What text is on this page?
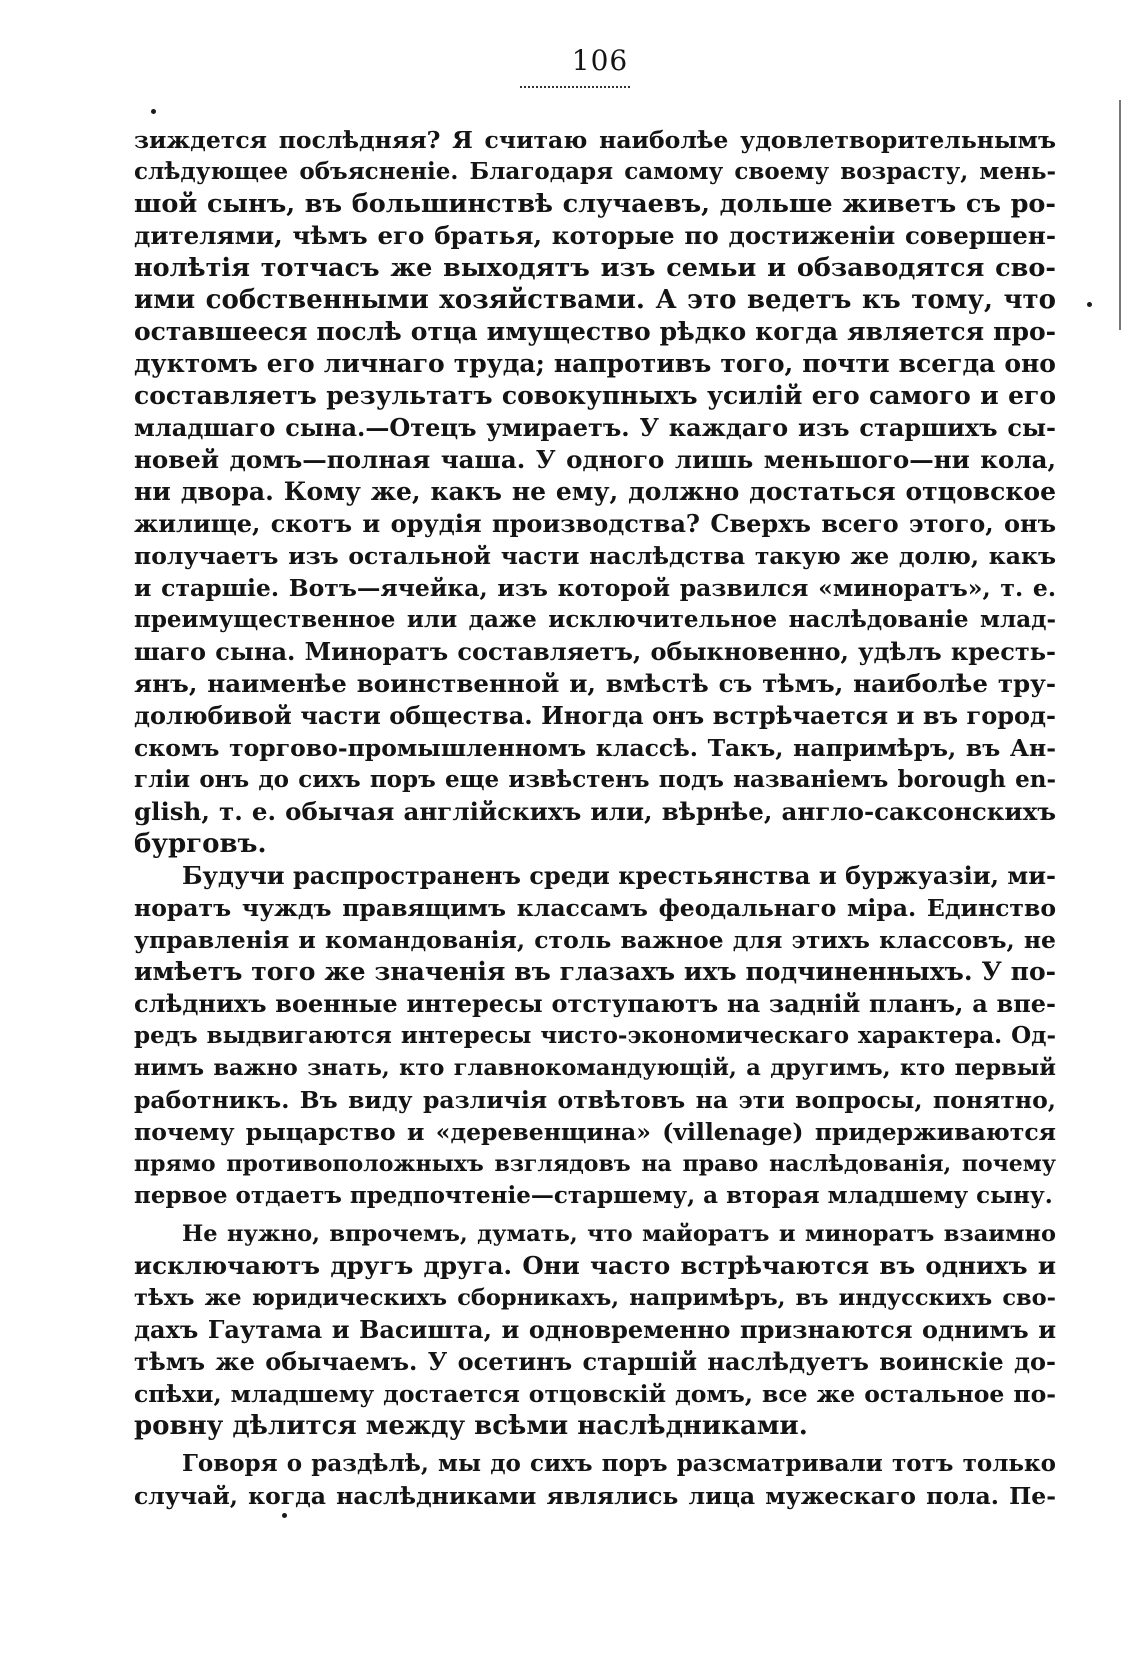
106
зиждется послѣдняя? Я считаю наиболѣе удовлетворительнымъ
слѣдующее объясненіе. Благодаря самому своему возрасту, мень-
шой сынъ, въ большинствѣ случаевъ, дольше живетъ съ ро-
дителями, чѣмъ его братья, которые по достиженіи совершен-
нолѣтія тотчасъ же выходятъ изъ семьи и обзаводятся сво-
ими собственными хозяйствами. А это ведетъ къ тому, что
оставшееся послѣ отца имущество рѣдко когда является про-
дуктомъ его личнаго труда; напротивъ того, почти всегда оно
составляетъ результатъ совокупныхъ усилій его самого и его
младшаго сына.—Отецъ умираетъ. У каждаго изъ старшихъ сы-
новей домъ—полная чаша. У одного лишь меньшого—ни кола,
ни двора. Кому же, какъ не ему, должно достаться отцовское
жилище, скотъ и орудія производства? Сверхъ всего этого, онъ
получаетъ изъ остальной части наслѣдства такую же долю, какъ
и старшіе. Вотъ—ячейка, изъ которой развился «минoратъ», т. е.
преимущественное или даже исключительное наслѣдованіе млад-
шаго сына. Миноратъ составляетъ, обыкновенно, удѣлъ кресть-
янъ, наименѣе воинственной и, вмѣстѣ съ тѣмъ, наиболѣе тру-
долюбивой части общества. Иногда онъ встрѣчается и въ город-
скомъ торгово-промышленномъ классѣ. Такъ, напримѣръ, въ Ан-
гліи онъ до сихъ поръ еще извѣстенъ подъ названіемъ borough en-
glish, т. е. обычая англійскихъ или, вѣрнѣе, англо-саксонскихъ
бурговъ.
Будучи распространенъ среди крестьянства и буржуазіи, ми-
норатъ чуждъ правящимъ классамъ феодальнаго міра. Единство
управленія и командованія, столь важное для этихъ классовъ, не
имѣетъ того же значенія въ глазахъ ихъ подчиненныхъ. У по-
слѣднихъ военные интересы отступаютъ на задній планъ, а впе-
редъ выдвигаются интересы чисто-экономическаго характера. Од-
нимъ важно знать, кто главнокомандующій, а другимъ, кто первый
работникъ. Въ виду различія отвѣтовъ на эти вопросы, понятно,
почему рыцарство и «деревенщина» (villenage) придерживаются
прямо противоположныхъ взглядовъ на право наслѣдованія, почему
первое отдаетъ предпочтеніе—старшему, а вторая младшему сыну.
Не нужно, впрочемъ, думать, что майоратъ и миноратъ взаимно
исключаютъ другъ друга. Они часто встрѣчаются въ однихъ и
тѣхъ же юридическихъ сборникахъ, напримѣръ, въ индусскихъ сво-
дахъ Гаутама и Васишта, и одновременно признаются однимъ и
тѣмъ же обычаемъ. У осетинъ старшій наслѣдуетъ воинскіе до-
спѣхи, младшему достается отцовскій домъ, все же остальное по-
ровну дѣлится между всѣми наслѣдниками.
Говоря о раздѣлѣ, мы до сихъ поръ разсматривали тотъ только
случай, когда наслѣдниками являлись лица мужескаго пола. Пе-
